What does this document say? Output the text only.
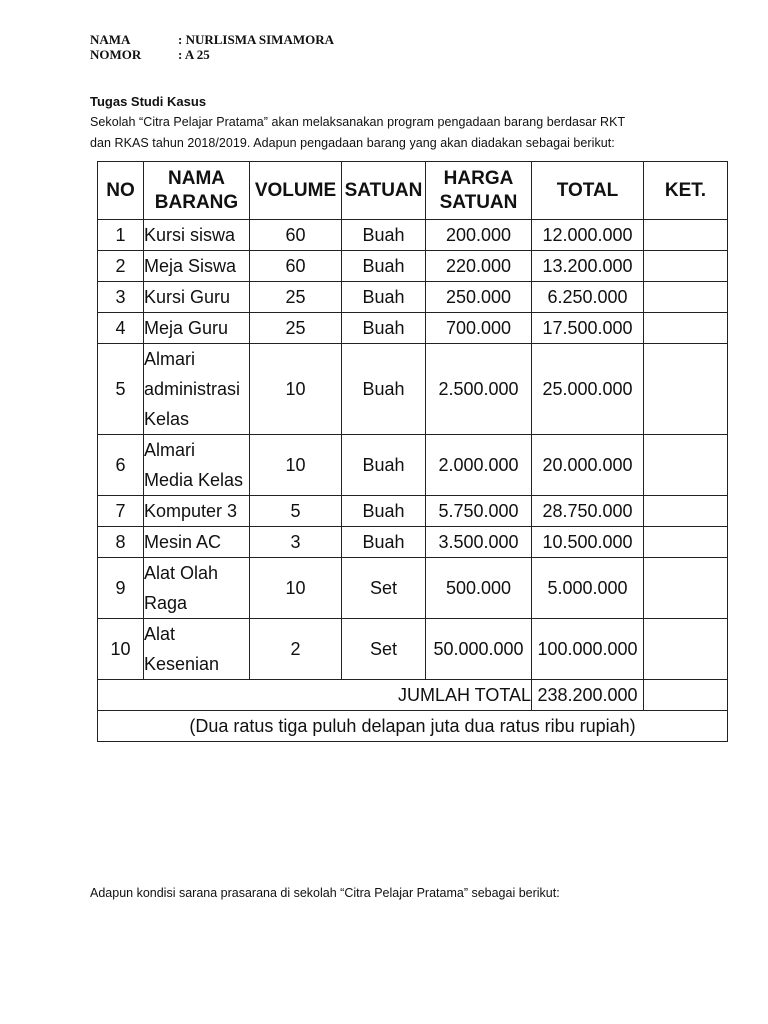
NAMA	: NURLISMA SIMAMORA
NOMOR	: A 25
Tugas Studi Kasus

Sekolah “Citra Pelajar Pratama” akan melaksanakan program pengadaan barang berdasar RKT

dan RKAS tahun 2018/2019. Adapun pengadaan barang yang akan diadakan sebagai berikut:

NO	NAMA BARANG	VOLUME	SATUAN	HARGA SATUAN	TOTAL	KET.
1	Kursi siswa	60	Buah	200.000	12.000.000	
2	Meja Siswa	60	Buah	220.000	13.200.000	
3	Kursi Guru	25	Buah	250.000	6.250.000	
4	Meja Guru	25	Buah	700.000	17.500.000	
5	Almari
administrasi
Kelas	10	Buah	2.500.000	25.000.000	
6	Almari
Media Kelas	10	Buah	2.000.000	20.000.000	
7	Komputer 3	5	Buah	5.750.000	28.750.000	
8	Mesin AC	3	Buah	3.500.000	10.500.000	
9	Alat Olah
Raga	10	Set	500.000	5.000.000	
10	Alat
Kesenian	2	Set	50.000.000	100.000.000	
JUMLAH TOTAL					238.200.000	
(Dua ratus tiga puluh delapan juta dua ratus ribu rupiah)						
Adapun kondisi sarana prasarana di sekolah “Citra Pelajar Pratama” sebagai berikut:
